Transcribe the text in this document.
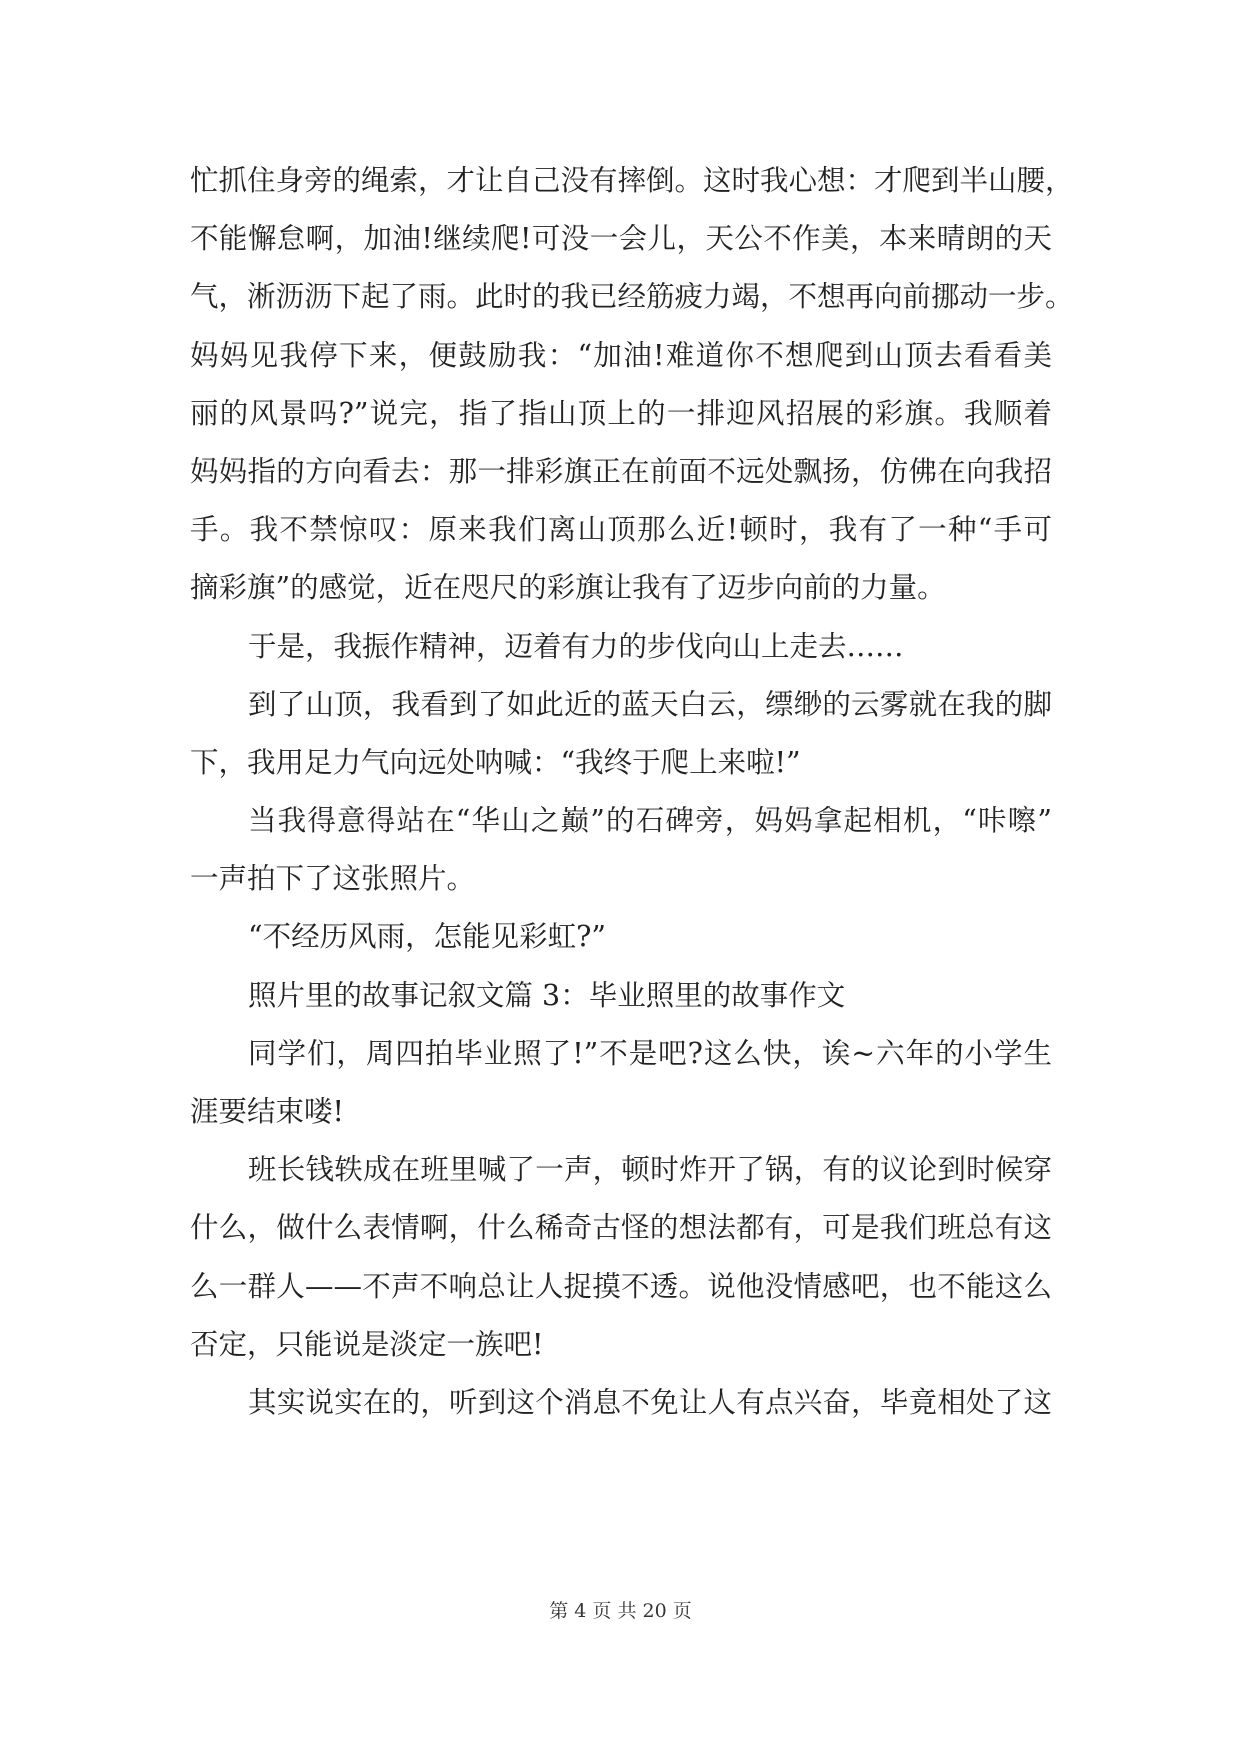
忙抓住身旁的绳索，才让自己没有摔倒。这时我心想：才爬到半山腰，
不能懈怠啊，加油!继续爬!可没一会儿，天公不作美，本来晴朗的天
气，淅沥沥下起了雨。此时的我已经筋疲力竭，不想再向前挪动一步。
妈妈见我停下来，便鼓励我：“加油!难道你不想爬到山顶去看看美
丽的风景吗?”说完，指了指山顶上的一排迎风招展的彩旗。我顺着
妈妈指的方向看去：那一排彩旗正在前面不远处飘扬，仿佛在向我招
手。我不禁惊叹：原来我们离山顶那么近!顿时，我有了一种“手可
摘彩旗”的感觉，近在咫尺的彩旗让我有了迈步向前的力量。
于是，我振作精神，迈着有力的步伐向山上走去……
到了山顶，我看到了如此近的蓝天白云，缥缈的云雾就在我的脚
下，我用足力气向远处呐喊：“我终于爬上来啦!”
当我得意得站在“华山之巅”的石碑旁，妈妈拿起相机，“咔嚓”
一声拍下了这张照片。
“不经历风雨，怎能见彩虹?”
照片里的故事记叙文篇 3：毕业照里的故事作文
同学们，周四拍毕业照了!”不是吧?这么快，诶~六年的小学生
涯要结束喽!
班长钱轶成在班里喊了一声，顿时炸开了锅，有的议论到时候穿
什么，做什么表情啊，什么稀奇古怪的想法都有，可是我们班总有这
么一群人——不声不响总让人捉摸不透。说他没情感吧，也不能这么
否定，只能说是淡定一族吧!
其实说实在的，听到这个消息不免让人有点兴奋，毕竟相处了这
第 4 页 共 20 页
